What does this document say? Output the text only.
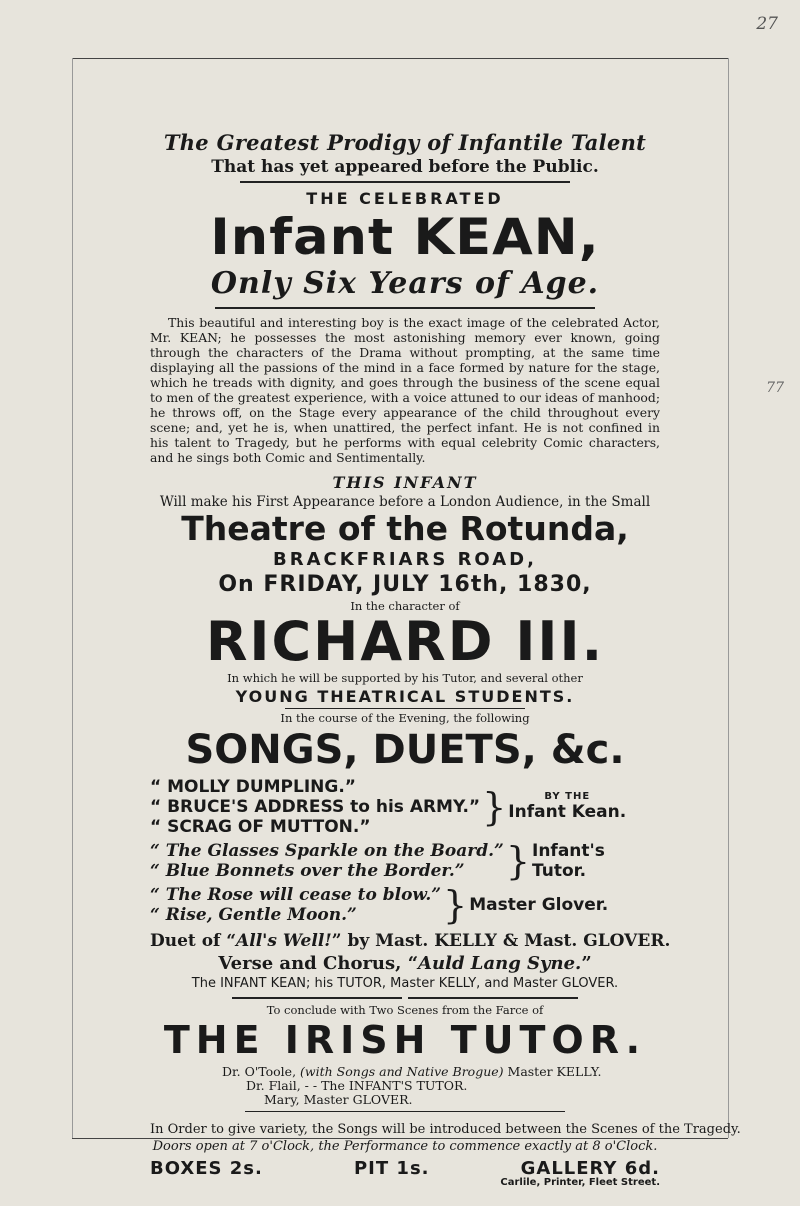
27
77
The Greatest Prodigy of Infantile Talent
That has yet appeared before the Public.
THE CELEBRATED
Infant KEAN,
Only Six Years of Age.

This beautiful and interesting boy is the exact image of the celebrated Actor, Mr. KEAN; he possesses the most astonishing memory ever known, going through the characters of the Drama without prompting, at the same time displaying all the passions of the mind in a face formed by nature for the stage, which he treads with dignity, and goes through the business of the scene equal to men of the greatest experience, with a voice attuned to our ideas of manhood; he throws off, on the Stage every appearance of the child throughout every scene; and, yet he is, when unattired, the perfect infant. He is not confined in his talent to Tragedy, but he performs with equal celebrity Comic characters, and he sings both Comic and Sentimentally.

THIS INFANT
Will make his First Appearance before a London Audience, in the Small
Theatre of the Rotunda,
BRACKFRIARS ROAD,
On FRIDAY, JULY 16th, 1830,
In the character of
RICHARD III.
In which he will be supported by his Tutor, and several other
YOUNG THEATRICAL STUDENTS.
In the course of the Evening, the following
SONGS, DUETS, &c.
“ MOLLY DUMPLING.”
“ BRUCE'S ADDRESS to his ARMY.”
“ SCRAG OF MUTTON.”	}	BY THE
Infant Kean.
“ The Glasses Sparkle on the Board.”
“ Blue Bonnets over the Border.”	} Infant's Tutor.
“ The Rose will cease to blow.”
“ Rise, Gentle Moon.”	} Master Glover.
Duet of “All's Well!” by Mast. KELLY & Mast. GLOVER.
Verse and Chorus, “Auld Lang Syne.”
The INFANT KEAN; his TUTOR, Master KELLY, and Master GLOVER.
To conclude with Two Scenes from the Farce of
THE IRISH TUTOR.
Dr. O'Toole, (with Songs and Native Brogue) Master KELLY.
Dr. Flail, - - The INFANT'S TUTOR.
Mary, Master GLOVER.
In Order to give variety, the Songs will be introduced between the Scenes of the Tragedy.
Doors open at 7 o'Clock, the Performance to commence exactly at 8 o'Clock.
BOXES 2s.	PIT 1s.	GALLERY 6d.
Carlile, Printer, Fleet Street.
